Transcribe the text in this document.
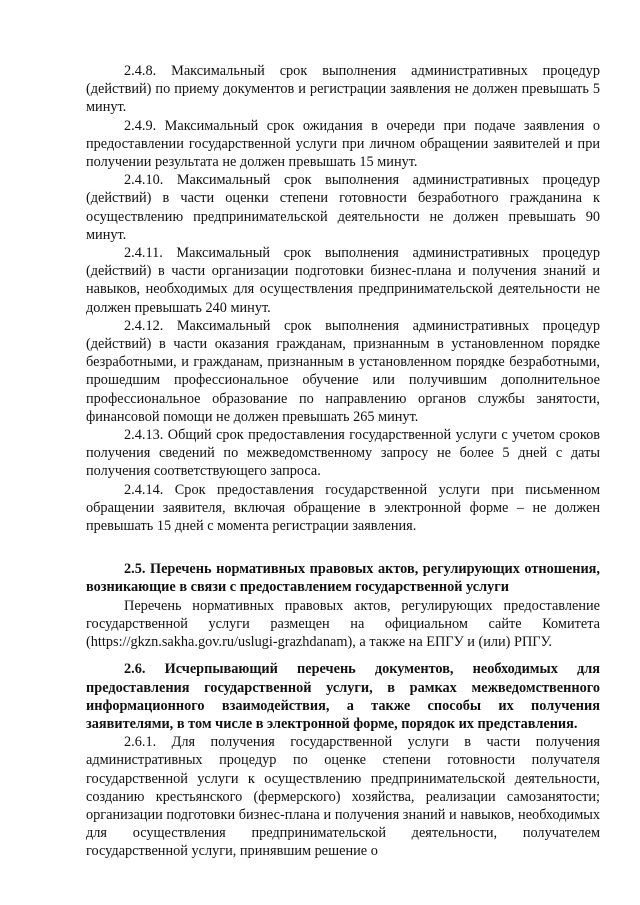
2.4.8. Максимальный срок выполнения административных процедур (действий) по приему документов и регистрации заявления не должен превышать 5 минут.

2.4.9. Максимальный срок ожидания в очереди при подаче заявления о предоставлении государственной услуги при личном обращении заявителей и при получении результата не должен превышать 15 минут.

2.4.10. Максимальный срок выполнения административных процедур (действий) в части оценки степени готовности безработного гражданина к осуществлению предпринимательской деятельности не должен превышать 90 минут.

2.4.11. Максимальный срок выполнения административных процедур (действий) в части организации подготовки бизнес-плана и получения знаний и навыков, необходимых для осуществления предпринимательской деятельности не должен превышать 240 минут.

2.4.12. Максимальный срок выполнения административных процедур (действий) в части оказания гражданам, признанным в установленном порядке безработными, и гражданам, признанным в установленном порядке безработными, прошедшим профессиональное обучение или получившим дополнительное профессиональное образование по направлению органов службы занятости, финансовой помощи не должен превышать 265 минут.

2.4.13. Общий срок предоставления государственной услуги с учетом сроков получения сведений по межведомственному запросу не более 5 дней с даты получения соответствующего запроса.

2.4.14. Срок предоставления государственной услуги при письменном обращении заявителя, включая обращение в электронной форме – не должен превышать 15 дней с момента регистрации заявления.

2.5. Перечень нормативных правовых актов, регулирующих отношения, возникающие в связи с предоставлением государственной услуги

Перечень нормативных правовых актов, регулирующих предоставление государственной услуги размещен на официальном сайте Комитета (https://gkzn.sakha.gov.ru/uslugi-grazhdanam), а также на ЕПГУ и (или) РПГУ.

2.6. Исчерпывающий перечень документов, необходимых для предоставления государственной услуги, в рамках межведомственного информационного взаимодействия, а также способы их получения заявителями, в том числе в электронной форме, порядок их представления.

2.6.1. Для получения государственной услуги в части получения административных процедур по оценке степени готовности получателя государственной услуги к осуществлению предпринимательской деятельности, созданию крестьянского (фермерского) хозяйства, реализации самозанятости; организации подготовки бизнес-плана и получения знаний и навыков, необходимых для осуществления предпринимательской деятельности, получателем государственной услуги, принявшим решение о
